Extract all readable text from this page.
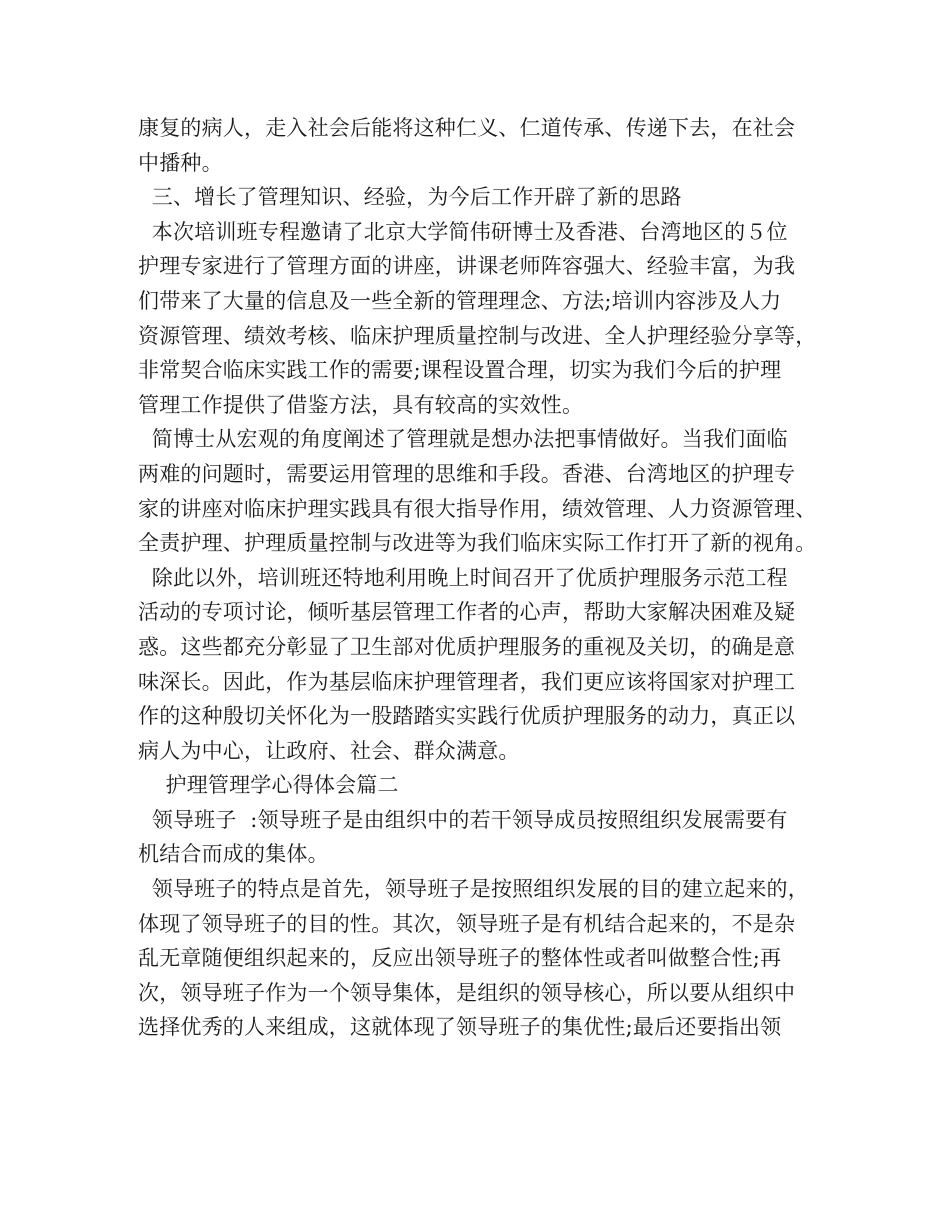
康复的病人，走入社会后能将这种仁义、仁道传承、传递下去，在社会
中播种。
三、增长了管理知识、经验，为今后工作开辟了新的思路
本次培训班专程邀请了北京大学简伟研博士及香港、台湾地区的５位
护理专家进行了管理方面的讲座，讲课老师阵容强大、经验丰富，为我
们带来了大量的信息及一些全新的管理理念、方法;培训内容涉及人力
资源管理、绩效考核、临床护理质量控制与改进、全人护理经验分享等，
非常契合临床实践工作的需要;课程设置合理，切实为我们今后的护理
管理工作提供了借鉴方法，具有较高的实效性。
简博士从宏观的角度阐述了管理就是想办法把事情做好。当我们面临
两难的问题时，需要运用管理的思维和手段。香港、台湾地区的护理专
家的讲座对临床护理实践具有很大指导作用，绩效管理、人力资源管理、
全责护理、护理质量控制与改进等为我们临床实际工作打开了新的视角。
除此以外，培训班还特地利用晚上时间召开了优质护理服务示范工程
活动的专项讨论，倾听基层管理工作者的心声，帮助大家解决困难及疑
惑。这些都充分彰显了卫生部对优质护理服务的重视及关切，的确是意
味深长。因此，作为基层临床护理管理者，我们更应该将国家对护理工
作的这种殷切关怀化为一股踏踏实实践行优质护理服务的动力，真正以
病人为中心，让政府、社会、群众满意。
护理管理学心得体会篇二
领导班子  :领导班子是由组织中的若干领导成员按照组织发展需要有
机结合而成的集体。
领导班子的特点是首先，领导班子是按照组织发展的目的建立起来的，
体现了领导班子的目的性。其次，领导班子是有机结合起来的，不是杂
乱无章随便组织起来的，反应出领导班子的整体性或者叫做整合性;再
次，领导班子作为一个领导集体，是组织的领导核心，所以要从组织中
选择优秀的人来组成，这就体现了领导班子的集优性;最后还要指出领
